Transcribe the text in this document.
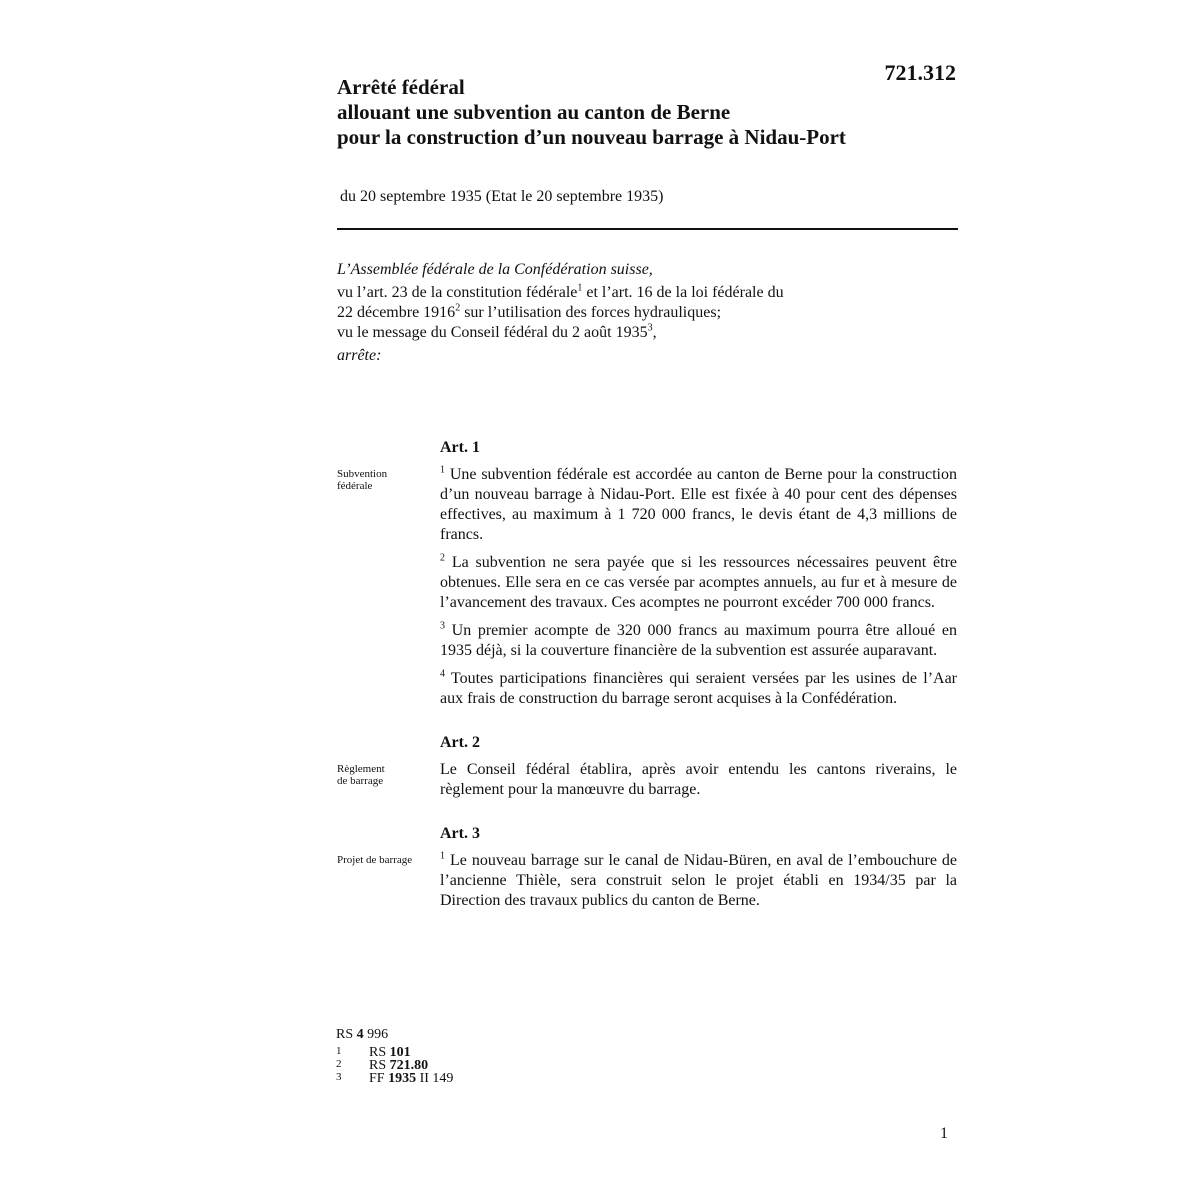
721.312
Arrêté fédéral
allouant une subvention au canton de Berne
pour la construction d’un nouveau barrage à Nidau-Port
du 20 septembre 1935 (Etat le 20 septembre 1935)
L’Assemblée fédérale de la Confédération suisse,
vu l’art. 23 de la constitution fédérale$^1$ et l’art. 16 de la loi fédérale du
22 décembre 1916$^2$ sur l’utilisation des forces hydrauliques;
vu le message du Conseil fédéral du 2 août 1935$^3$,
arrête:
Art. 1
Subvention
fédérale

$^1$ Une subvention fédérale est accordée au canton de Berne pour la construction d’un nouveau barrage à Nidau-Port. Elle est fixée à 40 pour cent des dépenses effectives, au maximum à 1 720 000 francs, le devis étant de 4,3 millions de francs.

$^2$ La subvention ne sera payée que si les ressources nécessaires peuvent être obtenues. Elle sera en ce cas versée par acomptes annuels, au fur et à mesure de l’avancement des travaux. Ces acomptes ne pourront excéder 700 000 francs.

$^3$ Un premier acompte de 320 000 francs au maximum pourra être alloué en 1935 déjà, si la couverture financière de la subvention est assurée auparavant.

$^4$ Toutes participations financières qui seraient versées par les usines de l’Aar aux frais de construction du barrage seront acquises à la Confédération.

Art. 2
Règlement
de barrage

Le Conseil fédéral établira, après avoir entendu les cantons riverains, le règlement pour la manœuvre du barrage.

Art. 3
Projet de barrage	$^1$ Le nouveau barrage sur le canal de Nidau-Büren, en aval de l’embouchure de l’ancienne Thièle, sera construit selon le projet établi en 1934/35 par la Direction des travaux publics du canton de Berne.

RS 4 996
1 RS 101
2 RS 721.80
3 FF 1935 II 149
1
